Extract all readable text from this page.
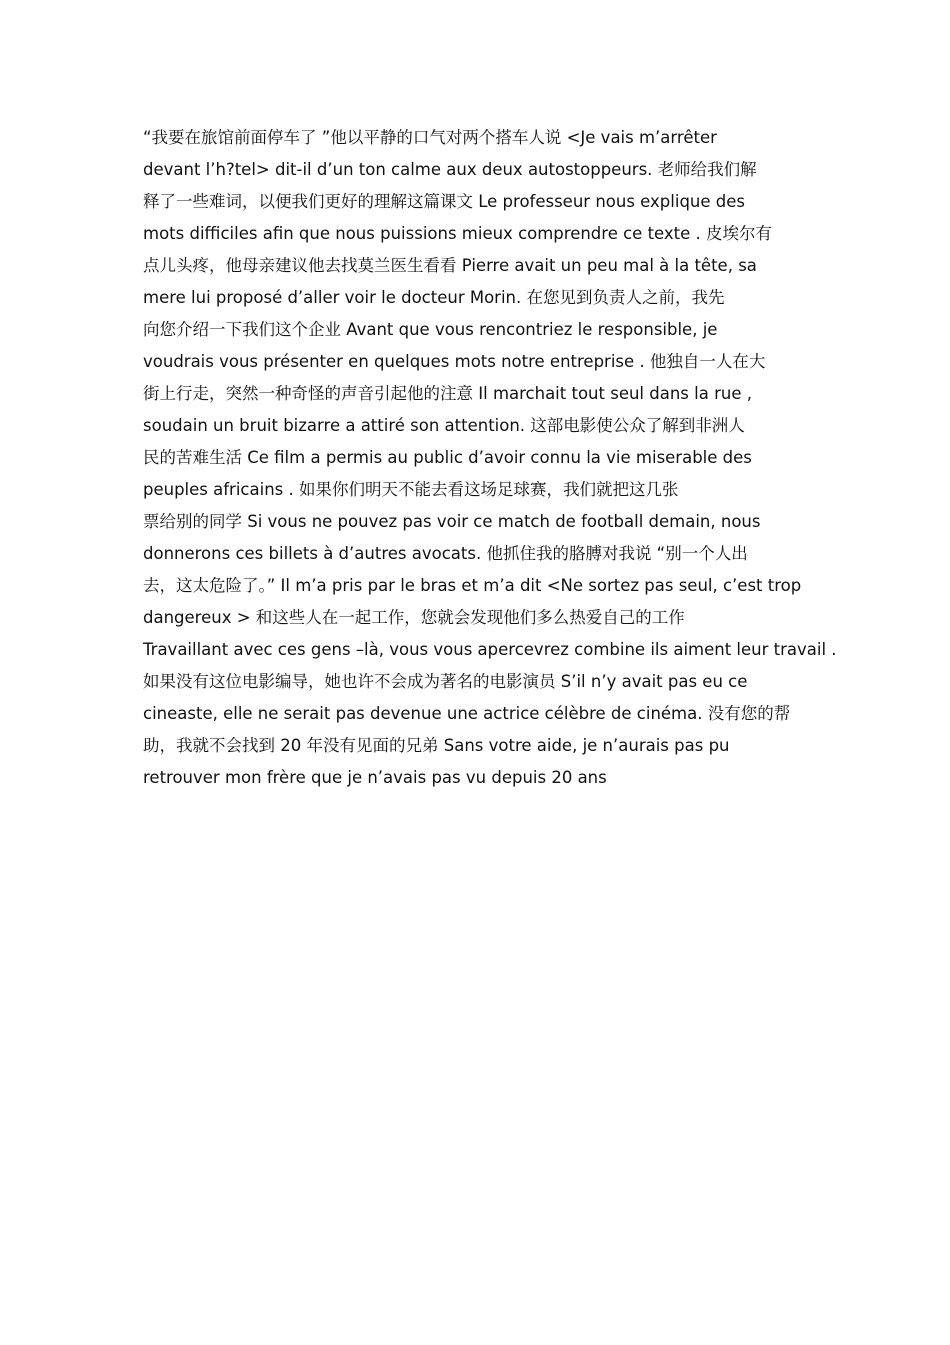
“我要在旅馆前面停车了 ”他以平静的口气对两个搭车人说 <Je vais m’arrêter
devant l’h?tel> dit-il d’un ton calme aux deux autostoppeurs. 老师给我们解
释了一些难词，以便我们更好的理解这篇课文 Le professeur nous explique des
mots difficiles afin que nous puissions mieux comprendre ce texte . 皮埃尔有
点儿头疼，他母亲建议他去找莫兰医生看看 Pierre avait un peu mal à la tête, sa
mere lui proposé d’aller voir le docteur Morin. 在您见到负责人之前，我先
向您介绍一下我们这个企业 Avant que vous rencontriez le responsible, je
voudrais vous présenter en quelques mots notre entreprise . 他独自一人在大
街上行走，突然一种奇怪的声音引起他的注意 Il marchait tout seul dans la rue ,
soudain un bruit bizarre a attiré son attention. 这部电影使公众了解到非洲人
民的苦难生活 Ce film a permis au public d’avoir connu la vie miserable des
peuples africains . 如果你们明天不能去看这场足球赛，我们就把这几张
票给别的同学 Si vous ne pouvez pas voir ce match de football demain, nous
donnerons ces billets à d’autres avocats. 他抓住我的胳膊对我说 “别一个人出
去，这太危险了。” Il m’a pris par le bras et m’a dit <Ne sortez pas seul, c’est trop
dangereux > 和这些人在一起工作，您就会发现他们多么热爱自己的工作
Travaillant avec ces gens –là, vous vous apercevrez combine ils aiment leur travail .
如果没有这位电影编导，她也许不会成为著名的电影演员 S’il n’y avait pas eu ce
cineaste, elle ne serait pas devenue une actrice célèbre de cinéma. 没有您的帮
助，我就不会找到 20 年没有见面的兄弟 Sans votre aide, je n’aurais pas pu
retrouver mon frère que je n’avais pas vu depuis 20 ans
